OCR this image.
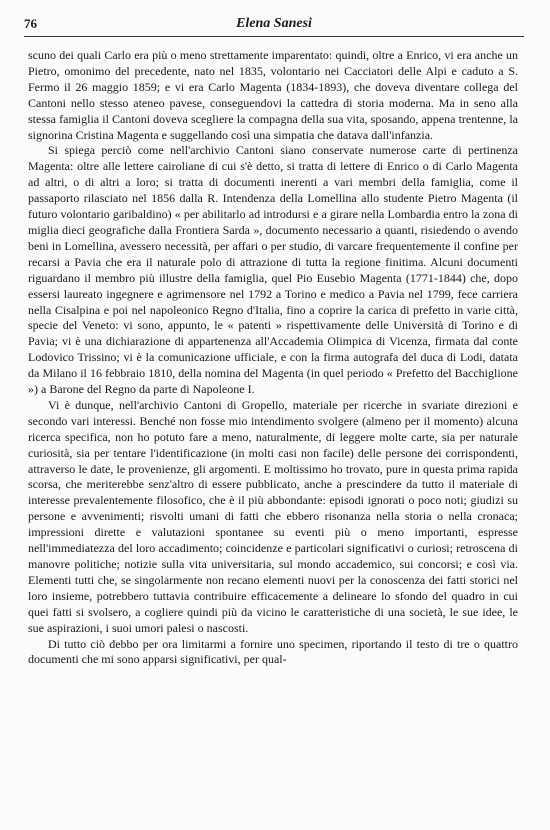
76	Elena Sanesi

scuno dei quali Carlo era più o meno strettamente imparentato: quindi, oltre a Enrico, vi era anche un Pietro, omonimo del precedente, nato nel 1835, volontario nei Cacciatori delle Alpi e caduto a S. Fermo il 26 maggio 1859; e vi era Carlo Magenta (1834-1893), che doveva diventare collega del Cantoni nello stesso ateneo pavese, conseguendovi la cattedra di storia moderna. Ma in seno alla stessa famiglia il Cantoni doveva scegliere la compagna della sua vita, sposando, appena trentenne, la signorina Cristina Magenta e suggellando così una simpatia che datava dall'infanzia.

Si spiega perciò come nell'archivio Cantoni siano conservate numerose carte di pertinenza Magenta: oltre alle lettere cairoliane di cui s'è detto, si tratta di lettere di Enrico o di Carlo Magenta ad altri, o di altri a loro; si tratta di documenti inerenti a vari membri della famiglia, come il passaporto rilasciato nel 1856 dalla R. Intendenza della Lomellina allo studente Pietro Magenta (il futuro volontario garibaldino) « per abilitarlo ad introdursi e a girare nella Lombardia entro la zona di miglia dieci geografiche dalla Frontiera Sarda », documento necessario a quanti, risiedendo o avendo beni in Lomellina, avessero necessità, per affari o per studio, di varcare frequentemente il confine per recarsi a Pavia che era il naturale polo di attrazione di tutta la regione finitima. Alcuni documenti riguardano il membro più illustre della famiglia, quel Pio Eusebio Magenta (1771-1844) che, dopo essersi laureato ingegnere e agrimensore nel 1792 a Torino e medico a Pavia nel 1799, fece carriera nella Cisalpina e poi nel napoleonico Regno d'Italia, fino a coprire la carica di prefetto in varie città, specie del Veneto: vi sono, appunto, le « patenti » rispettivamente delle Università di Torino e di Pavia; vi è una dichiarazione di appartenenza all'Accademia Olimpica di Vicenza, firmata dal conte Lodovico Trissino; vi è la comunicazione ufficiale, e con la firma autografa del duca di Lodi, datata da Milano il 16 febbraio 1810, della nomina del Magenta (in quel periodo « Prefetto del Bacchiglione ») a Barone del Regno da parte di Napoleone I.

Vi è dunque, nell'archivio Cantoni di Gropello, materiale per ricerche in svariate direzioni e secondo vari interessi. Benché non fosse mio intendimento svolgere (almeno per il momento) alcuna ricerca specifica, non ho potuto fare a meno, naturalmente, di leggere molte carte, sia per naturale curiosità, sia per tentare l'identificazione (in molti casi non facile) delle persone dei corrispondenti, attraverso le date, le provenienze, gli argomenti. E moltissimo ho trovato, pure in questa prima rapida scorsa, che meriterebbe senz'altro di essere pubblicato, anche a prescindere da tutto il materiale di interesse prevalentemente filosofico, che è il più abbondante: episodi ignorati o poco noti; giudizi su persone e avvenimenti; risvolti umani di fatti che ebbero risonanza nella storia o nella cronaca; impressioni dirette e valutazioni spontanee su eventi più o meno importanti, espresse nell'immediatezza del loro accadimento; coincidenze e particolari significativi o curiosi; retroscena di manovre politiche; notizie sulla vita universitaria, sul mondo accademico, sui concorsi; e così via. Elementi tutti che, se singolarmente non recano elementi nuovi per la conoscenza dei fatti storici nel loro insieme, potrebbero tuttavia contribuire efficacemente a delineare lo sfondo del quadro in cui quei fatti si svolsero, a cogliere quindi più da vicino le caratteristiche di una società, le sue idee, le sue aspirazioni, i suoi umori palesi o nascosti.

Di tutto ciò debbo per ora limitarmi a fornire uno specimen, riportando il testo di tre o quattro documenti che mi sono apparsi significativi, per qual-
